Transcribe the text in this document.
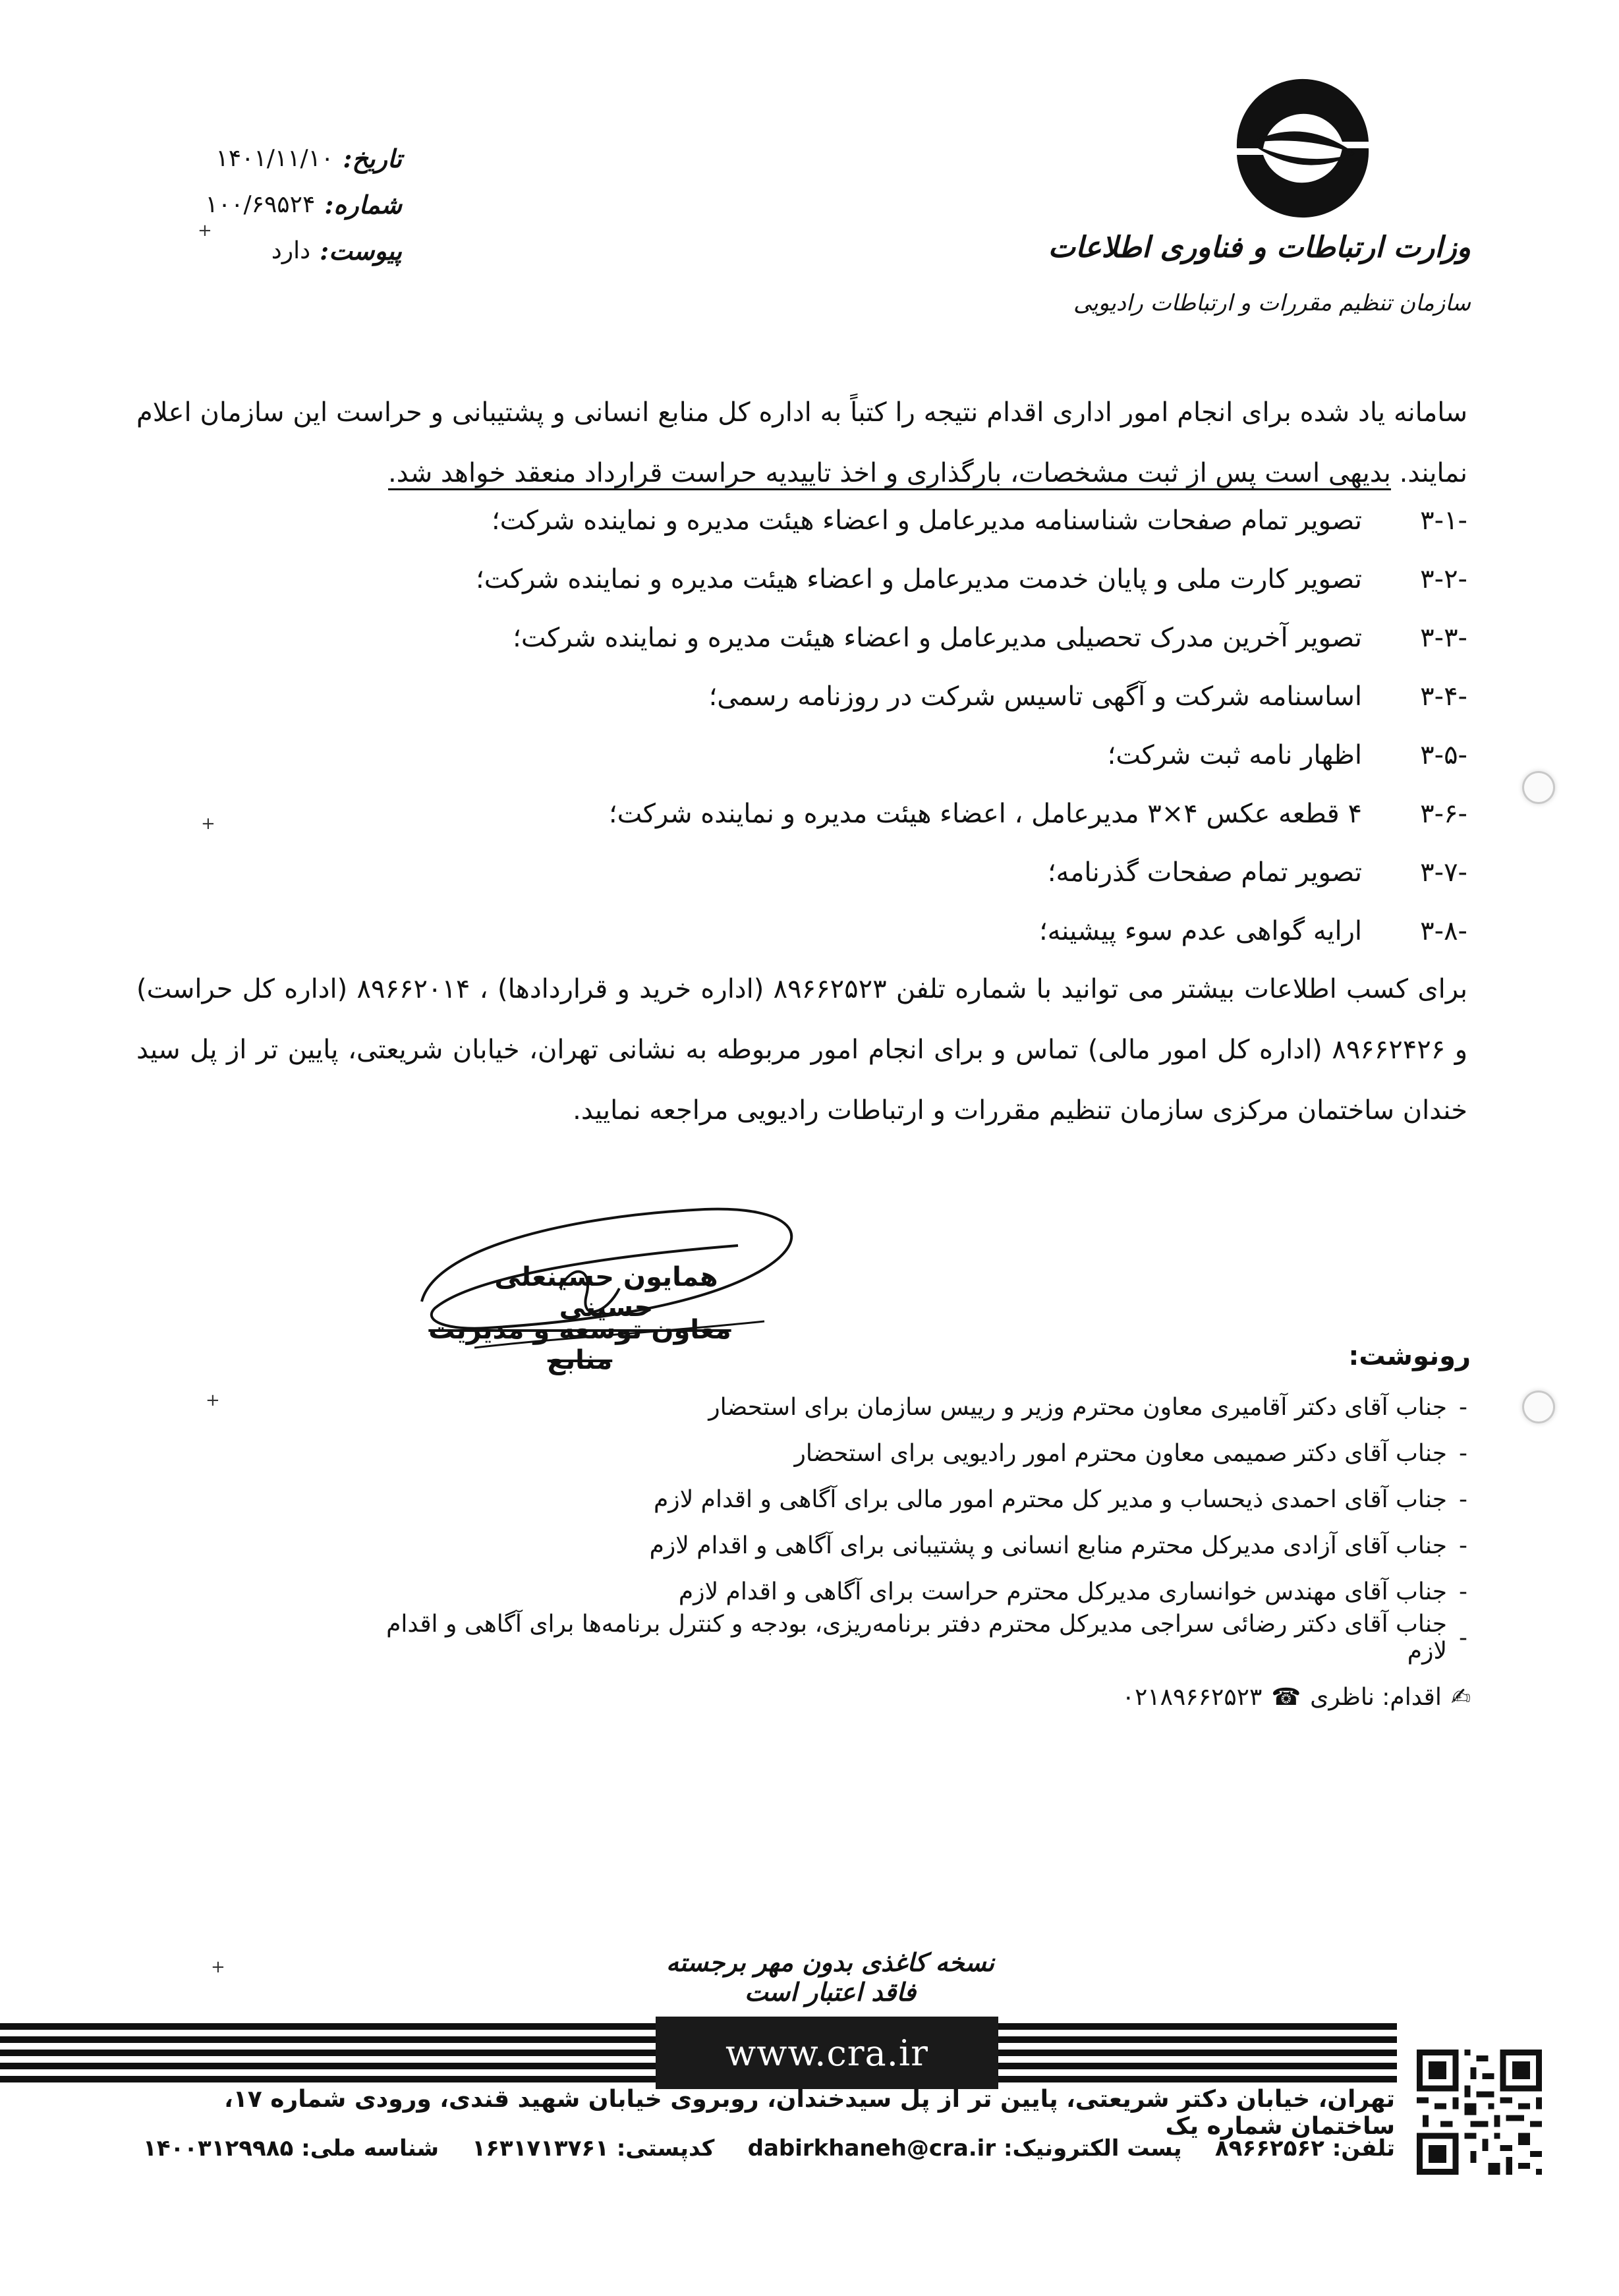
تاریخ:
۱۴۰۱/۱۱/۱۰
شماره:
۱۰۰/۶۹۵۲۴
پیوست:
دارد	وزارت ارتباطات و فناوری اطلاعات
سازمان تنظیم مقررات و ارتباطات رادیویی
سامانه یاد شده برای انجام امور اداری اقدام نتیجه را کتباً به اداره کل منابع انسانی و پشتیبانی و حراست این سازمان اعلام نمایند. بدیهی است پس از ثبت مشخصات، بارگذاری و اخذ تاییدیه حراست قرارداد منعقد خواهد شد.
۳-۱-
تصویر تمام صفحات شناسنامه مدیرعامل و اعضاء هیئت مدیره و نماینده شرکت؛
۳-۲-
تصویر کارت ملی و پایان خدمت مدیرعامل و اعضاء هیئت مدیره و نماینده شرکت؛
۳-۳-
تصویر آخرین مدرک تحصیلی مدیرعامل و اعضاء هیئت مدیره و نماینده شرکت؛
۳-۴-
اساسنامه شرکت و آگهی تاسیس شرکت در روزنامه رسمی؛
۳-۵-
اظهار نامه ثبت شرکت؛
۳-۶-
۴ قطعه عکس ۴×۳ مدیرعامل ، اعضاء هیئت مدیره و نماینده شرکت؛
۳-۷-
تصویر تمام صفحات گذرنامه؛
۳-۸-
ارایه گواهی عدم سوء پیشینه؛
برای کسب اطلاعات بیشتر می توانید با شماره تلفن ۸۹۶۶۲۵۲۳ (اداره خرید و قراردادها) ، ۸۹۶۶۲۰۱۴ (اداره کل حراست) و ۸۹۶۶۲۴۲۶ (اداره کل امور مالی) تماس و برای انجام امور مربوطه به نشانی تهران، خیابان شریعتی، پایین تر از پل سید خندان ساختمان مرکزی سازمان تنظیم مقررات و ارتباطات رادیویی مراجعه نمایید.
همایون حسینعلی حسینی
معاون توسعه و مدیریت منابع	رونوشت:
-
جناب آقای دکتر آقامیری معاون محترم وزیر و رییس سازمان برای استحضار
-
جناب آقای دکتر صمیمی معاون محترم امور رادیویی برای استحضار
-
جناب آقای احمدی ذیحساب و مدیر کل محترم امور مالی برای آگاهی و اقدام لازم
-
جناب آقای آزادی مدیرکل محترم منابع انسانی و پشتیبانی برای آگاهی و اقدام لازم
-
جناب آقای مهندس خوانساری مدیرکل محترم حراست برای آگاهی و اقدام لازم
-
جناب آقای دکتر رضائی سراجی مدیرکل محترم دفتر برنامه‌ریزی، بودجه و کنترل برنامه‌ها برای آگاهی و اقدام لازم
✍
اقدام: ناظری
☎
۰۲۱۸۹۶۶۲۵۲۳
نسخه کاغذی بدون مهر برجسته فاقد اعتبار است
www.cra.ir
تهران، خیابان دکتر شریعتی، پایین تر از پل سیدخندان، روبروی خیابان شهید قندی، ورودی شماره ۱۷، ساختمان شماره یک
تلفن: ۸۹۶۶۲۵۶۲
پست الکترونیک: dabirkhaneh@cra.ir
کدپستی: ۱۶۳۱۷۱۳۷۶۱
شناسه ملی: ۱۴۰۰۳۱۲۹۹۸۵
+
+
+
+
